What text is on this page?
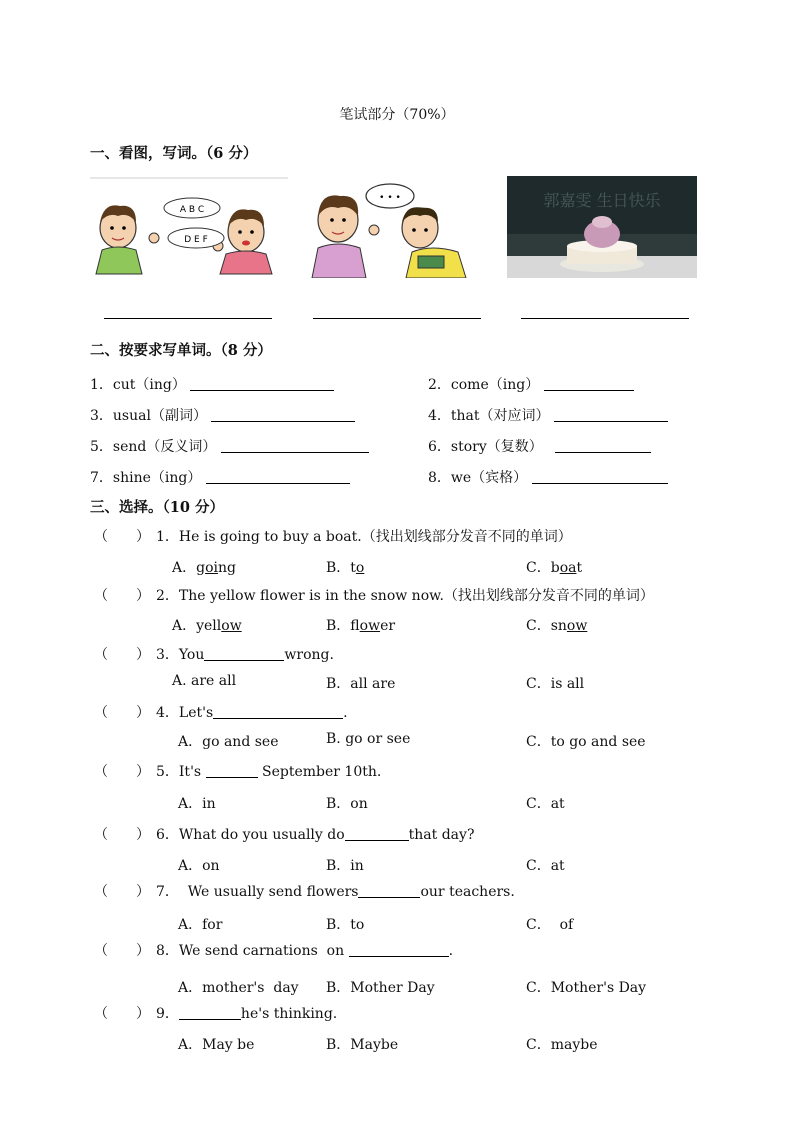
笔试部分（70%）
一、看图，写词。（6 分）
A B C
D E F
• • •	郭嘉雯 生日快乐
二、按要求写单词。（8 分）
1．cut（ing）	2．come（ing）
3．usual（副词）	4．that（对应词）
5．send（反义词）	6．story（复数）
7．shine（ing）	8．we（宾格）
三、选择。（10 分）
（　　） 1．He is going to buy a boat.（找出划线部分发音不同的单词）
A．going	B．to	C．boat
（　　） 2．The yellow flower is in the snow now.（找出划线部分发音不同的单词）
A．yellow	B．flower	C．snow
（　　） 3．You	wrong.
A. are all	B．all are	C．is all
（　　） 4．Let's	.
A．go and see	B. go or see	C．to go and see
（　　） 5．It's	September 10th.
A．in	B．on	C．at
（　　） 6．What do you usually do	that day?
A．on	B．in	C．at
（　　） 7．  We usually send flowers	our teachers.
A．for	B．to	C．  of
（　　） 8．We send carnations  on	.
A．mother's  day B．Mother Day	C．Mother's Day
（　　） 9．	he's thinking.
A．May be	B．Maybe	C．maybe
